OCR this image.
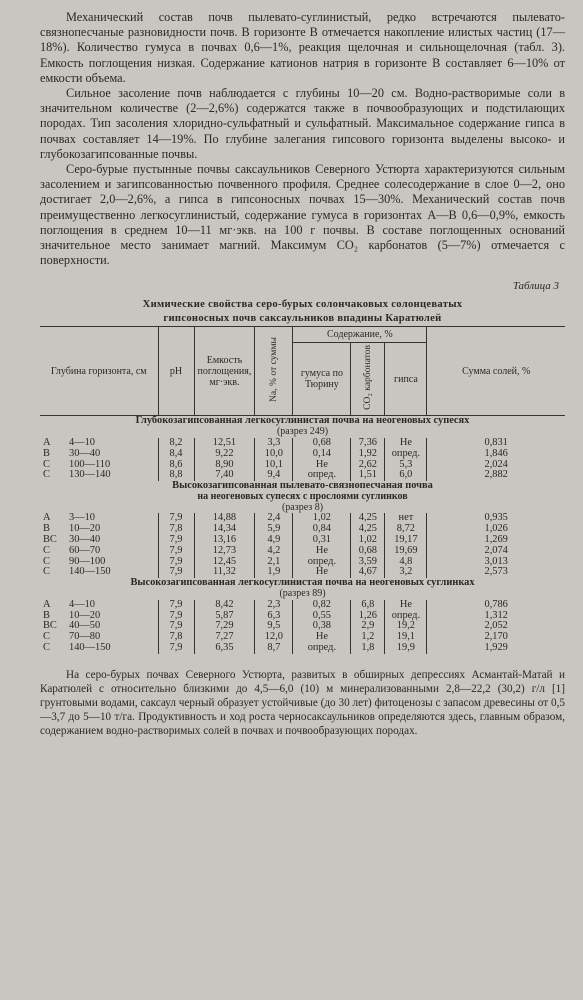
Механический состав почв пылевато-суглинистый, редко встречаются пылевато-связнопесчаные разновидности почв. В горизонте В отмечается накопление илистых частиц (17—18%). Количество гумуса в почвах 0,6—1%, реакция щелочная и сильнощелочная (табл. 3). Емкость поглощения низкая. Содержание катионов натрия в горизонте В составляет 6—10% от емкости объема.

Сильное засоление почв наблюдается с глубины 10—20 см. Водно-растворимые соли в значительном количестве (2—2,6%) содержатся также в почвообразующих и подстилающих породах. Тип засоления хлоридно-сульфатный и сульфатный. Максимальное содержание гипса в почвах составляет 14—19%. По глубине залегания гипсового горизонта выделены высоко- и глубокозагипсованные почвы.

Серо-бурые пустынные почвы саксаульников Северного Устюрта характеризуются сильным засолением и загипсованностью почвенного профиля. Среднее солесодержание в слое 0—2, оно достигает 2,0—2,6%, а гипса в гипсоносных почвах 15—30%. Механический состав почв преимущественно легкосуглинистый, содержание гумуса в горизонтах А—В 0,6—0,9%, емкость поглощения в среднем 10—11 мг·экв. на 100 г почвы. В составе поглощенных оснований значительное место занимает магний. Максимум CO₂ карбонатов (5—7%) отмечается с поверхности.

Таблица 3

Химические свойства серо-бурых солончаковых солонцеватых

гипсоносных почв саксаульников впадины Каратюлей

Глубина горизонта, см	pH	Емкость поглощения, мг·экв.	Na, % от суммы	Содержание, %			Сумма солей, %
				гумуса по Тюрину	CO₂ карбонатов	гипса	
Глубокозагипсованная легкосуглинистая почва на неогеновых супесях
(разрез 249)							

А 4—10	8,2	12,51	3,3	0,68	7,36	Не	0,831
В 30—40	8,4	9,22	10,0	0,14	1,92	опред.	1,846
С 100—110	8,6	8,90	10,1	Не	2,62	5,3	2,024
С 130—140	8,8	7,40	9,4	опред.	1,51	6,0	2,882
Высокозагипсованная пылевато-связнопесчаная почва
на неогеновых супесях с прослоями суглинков
(разрез 8)							

А 3—10	7,9	14,88	2,4	1,02	4,25	нет	0,935
В 10—20	7,8	14,34	5,9	0,84	4,25	8,72	1,026
ВС 30—40	7,9	13,16	4,9	0,31	1,02	19,17	1,269
С 60—70	7,9	12,73	4,2	Не	0,68	19,69	2,074
С 90—100	7,9	12,45	2,1	опред.	3,59	4,8	3,013
С 140—150	7,9	11,32	1,9	Не	4,67	3,2	2,573
Высокозагипсованная легкосуглинистая почва на неогеновых суглинках
(разрез 89)							

А 4—10	7,9	8,42	2,3	0,82	6,8	Не	0,786
В 10—20	7,9	5,87	6,3	0,55	1,26	опред.	1,312
ВС 40—50	7,9	7,29	9,5	0,38	2,9	19,2	2,052
С 70—80	7,8	7,27	12,0	Не	1,2	19,1	2,170
С 140—150	7,9	6,35	8,7	опред.	1,8	19,9	1,929

На серо-бурых почвах Северного Устюрта, развитых в обширных депрессиях Асмантай-Матай и Каратюлей с относительно близкими до 4,5—6,0 (10) м минерализованными 2,8—22,2 (30,2) г/л [1] грунтовыми водами, саксаул черный образует устойчивые (до 30 лет) фитоценозы с запасом древесины от 0,5—3,7 до 5—10 т/га. Продуктивность и ход роста черносаксаульников определяются здесь, главным образом, содержанием водно-растворимых солей в почвах и почвообразующих породах.
